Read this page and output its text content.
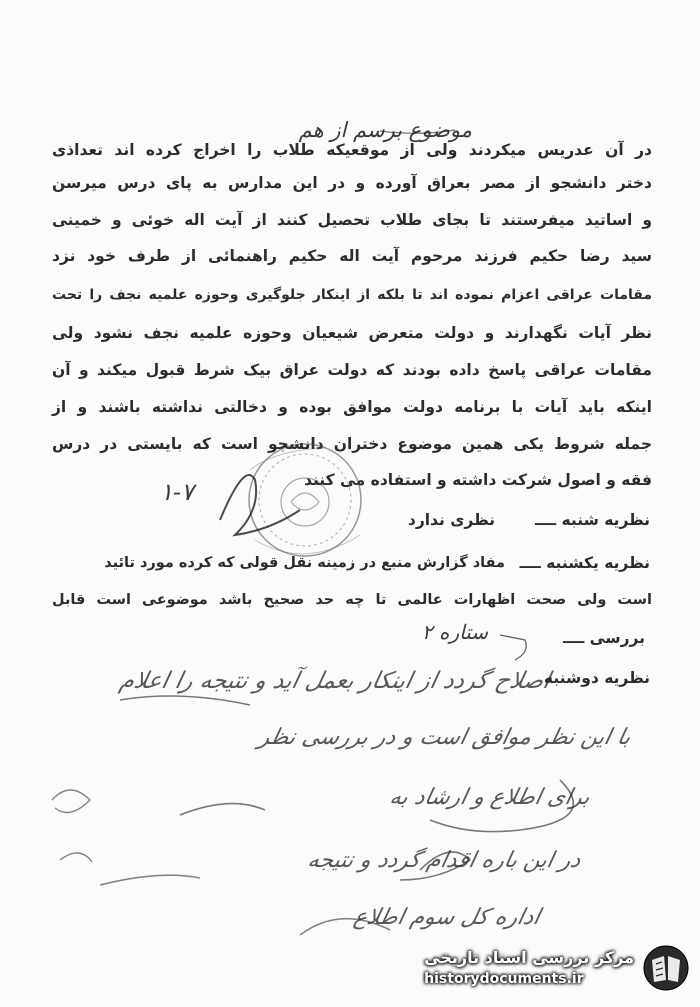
موضوع برسم از هم
در آن عدریس میکردند ولی از موقعیکه طلاب را اخراج کرده اند تعداذی
دختر دانشجو از مصر بعراق آورده و در این مدارس به پای درس میرسن
و اساتید میفرستند تا بجای طلاب تحصیل کنند از آیت اله خوئی و خمینی
سید رضا حکیم فرزند مرحوم آیت اله حکیم راهنمائی از طرف خود نزد
مقامات عراقی اعزام نموده اند تا بلکه از اینکار جلوگیری وحوزه علمیه نجف را تحت
نظر آیات نگهدارند و دولت متعرض شیعیان وحوزه علمیه نجف نشود ولی
مقامات عراقی پاسخ داده بودند که دولت عراق بیک شرط قبول میکند و آن
اینکه باید آیات با برنامه دولت موافق بوده و دخالتی نداشته باشند و از
جمله شروط یکی همین موضوع دختران دانشجو است که بایستی در درس
فقه و اصول شرکت داشته و استفاده می کنند
نظریه شنبه ــــ
نظری ندارد
نظریه یکشنبه ــــ
مفاد گزارش منبع در زمینه نقل قولی که کرده مورد تائید
است ولی صحت اظهارات عالمی تا چه حد صحیح باشد موضوعی است قابل
بررسی ــــ
ستاره ۲
نظریه دوشنبه
اصلاح گردد از اینکار بعمل آید و نتیجه را اعلام
با این نظر موافق است و در بررسی نظر
برای اطلاع و ارشاد به
در این باره اقدام گردد و نتیجه
اداره کل سوم اطلاع
۱-۷
مرکز بررسی اسناد تاریخی
historydocuments.ir
